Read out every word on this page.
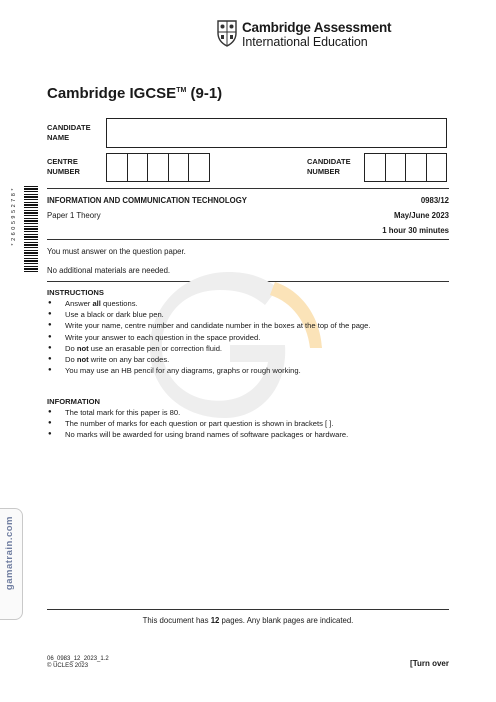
Cambridge Assessment
International Education
Cambridge IGCSE™ (9-1)
CANDIDATE
NAME
CENTRE
NUMBER
CANDIDATE
NUMBER
INFORMATION AND COMMUNICATION TECHNOLOGY	0983/12
Paper 1 Theory	May/June 2023
1 hour 30 minutes
You must answer on the question paper.
No additional materials are needed.
INSTRUCTIONS
● Answer all questions.
● Use a black or dark blue pen.
● Write your name, centre number and candidate number in the boxes at the top of the page.
● Write your answer to each question in the space provided.
● Do not use an erasable pen or correction fluid.
● Do not write on any bar codes.
● You may use an HB pencil for any diagrams, graphs or rough working.
INFORMATION
● The total mark for this paper is 80.
● The number of marks for each question or part question is shown in brackets [ ].
● No marks will be awarded for using brand names of software packages or hardware.
* 2 6 0 5 9 5 2 7 8 *
gamatrain.com
This document has 12 pages. Any blank pages are indicated.
06_0983_12_2023_1.2
© UCLES 2023	[Turn over
